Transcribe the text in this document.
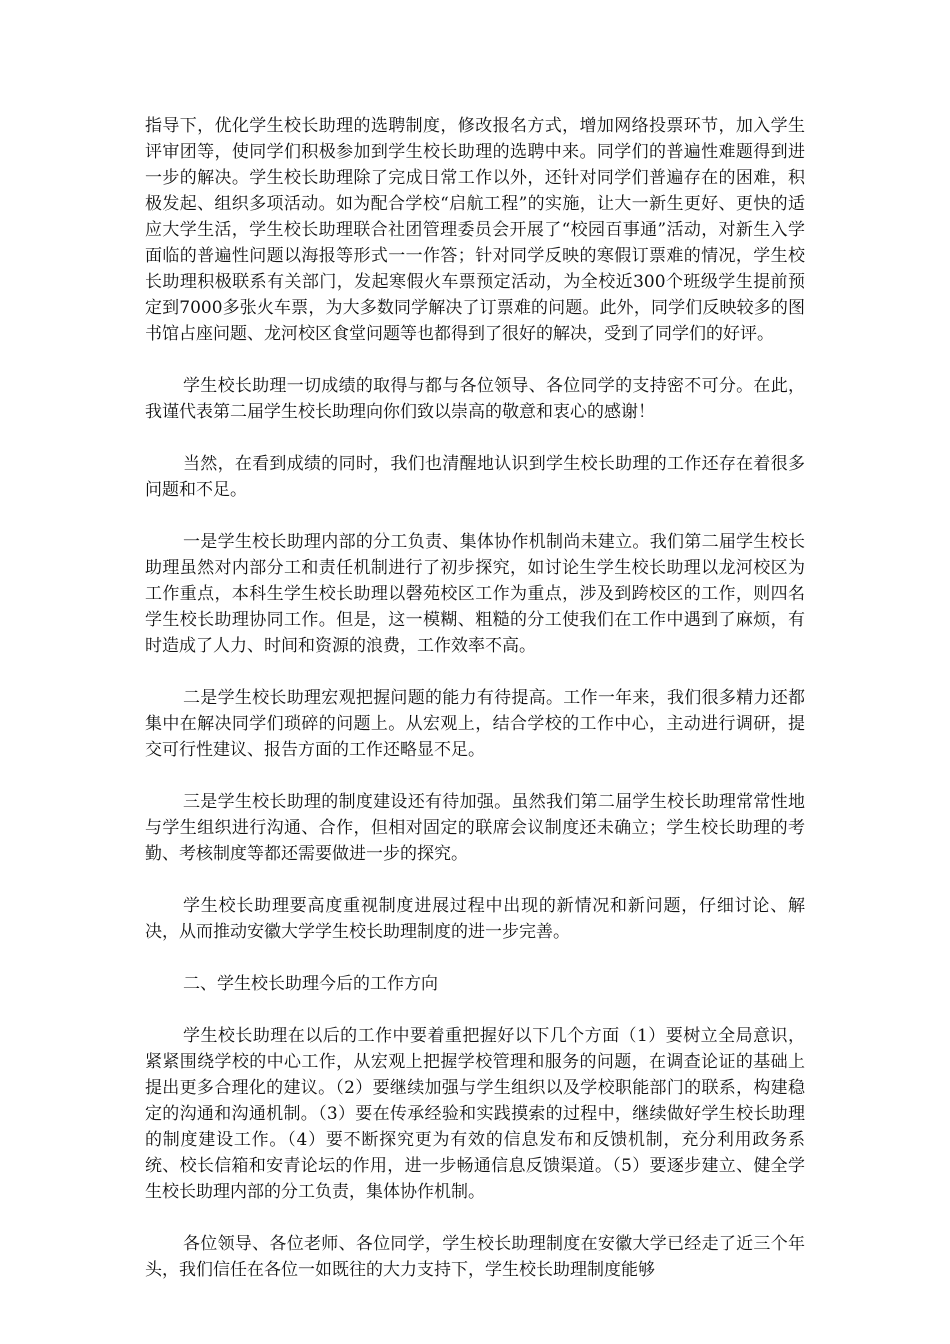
指导下，优化学生校长助理的选聘制度，修改报名方式，增加网络投票环节，加入学生评审团等，使同学们积极参加到学生校长助理的选聘中来。同学们的普遍性难题得到进一步的解决。学生校长助理除了完成日常工作以外，还针对同学们普遍存在的困难，积极发起、组织多项活动。如为配合学校“启航工程”的实施，让大一新生更好、更快的适应大学生活，学生校长助理联合社团管理委员会开展了“校园百事通”活动，对新生入学面临的普遍性问题以海报等形式一一作答；针对同学反映的寒假订票难的情况，学生校长助理积极联系有关部门，发起寒假火车票预定活动，为全校近300个班级学生提前预定到7000多张火车票，为大多数同学解决了订票难的问题。此外，同学们反映较多的图书馆占座问题、龙河校区食堂问题等也都得到了很好的解决，受到了同学们的好评。

学生校长助理一切成绩的取得与都与各位领导、各位同学的支持密不可分。在此，我谨代表第二届学生校长助理向你们致以崇高的敬意和衷心的感谢！

当然，在看到成绩的同时，我们也清醒地认识到学生校长助理的工作还存在着很多问题和不足。

一是学生校长助理内部的分工负责、集体协作机制尚未建立。我们第二届学生校长助理虽然对内部分工和责任机制进行了初步探究，如讨论生学生校长助理以龙河校区为工作重点，本科生学生校长助理以磬苑校区工作为重点，涉及到跨校区的工作，则四名学生校长助理协同工作。但是，这一模糊、粗糙的分工使我们在工作中遇到了麻烦，有时造成了人力、时间和资源的浪费，工作效率不高。

二是学生校长助理宏观把握问题的能力有待提高。工作一年来，我们很多精力还都集中在解决同学们琐碎的问题上。从宏观上，结合学校的工作中心，主动进行调研，提交可行性建议、报告方面的工作还略显不足。

三是学生校长助理的制度建设还有待加强。虽然我们第二届学生校长助理常常性地与学生组织进行沟通、合作，但相对固定的联席会议制度还未确立；学生校长助理的考勤、考核制度等都还需要做进一步的探究。

学生校长助理要高度重视制度进展过程中出现的新情况和新问题，仔细讨论、解决，从而推动安徽大学学生校长助理制度的进一步完善。

二、学生校长助理今后的工作方向

学生校长助理在以后的工作中要着重把握好以下几个方面（1）要树立全局意识，紧紧围绕学校的中心工作，从宏观上把握学校管理和服务的问题，在调查论证的基础上提出更多合理化的建议。（2）要继续加强与学生组织以及学校职能部门的联系，构建稳定的沟通和沟通机制。（3）要在传承经验和实践摸索的过程中，继续做好学生校长助理的制度建设工作。（4）要不断探究更为有效的信息发布和反馈机制，充分利用政务系统、校长信箱和安青论坛的作用，进一步畅通信息反馈渠道。（5）要逐步建立、健全学生校长助理内部的分工负责，集体协作机制。

各位领导、各位老师、各位同学，学生校长助理制度在安徽大学已经走了近三个年头，我们信任在各位一如既往的大力支持下，学生校长助理制度能够
